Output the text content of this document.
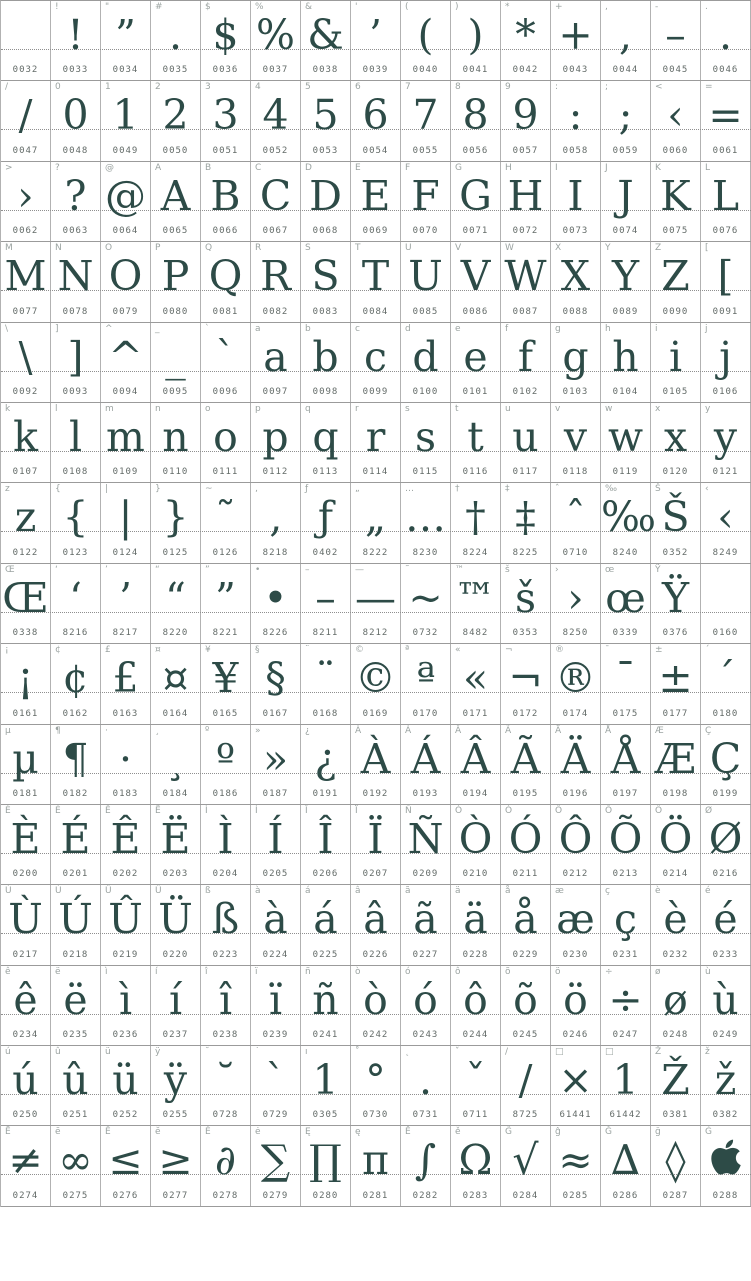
0032
!
!
0033
"
”
0034
#
.
0035
$
$
0036
%
%
0037
&
&
0038
'
’
0039
(
(
0040
)
)
0041
*
*
0042
+
+
0043
,
,
0044
-
–
0045
.
.
0046
/
/
0047
0
0
0048
1
1
0049
2
2
0050
3
3
0051
4
4
0052
5
5
0053
6
6
0054
7
7
0055
8
8
0056
9
9
0057
:
:
0058
;
;
0059
<
‹
0060
=
=
0061
>
›
0062
?
?
0063
@
@
0064
A
A
0065
B
B
0066
C
C
0067
D
D
0068
E
E
0069
F
F
0070
G
G
0071
H
H
0072
I
I
0073
J
J
0074
K
K
0075
L
L
0076
M
M
0077
N
N
0078
O
O
0079
P
P
0080
Q
Q
0081
R
R
0082
S
S
0083
T
T
0084
U
U
0085
V
V
0086
W
W
0087
X
X
0088
Y
Y
0089
Z
Z
0090
[
[
0091
\
\
0092
]
]
0093
^
^
0094
_
_
0095
`
`
0096
a
a
0097
b
b
0098
c
c
0099
d
d
0100
e
e
0101
f
f
0102
g
g
0103
h
h
0104
i
i
0105
j
j
0106
k
k
0107
l
l
0108
m
m
0109
n
n
0110
o
o
0111
p
p
0112
q
q
0113
r
r
0114
s
s
0115
t
t
0116
u
u
0117
v
v
0118
w
w
0119
x
x
0120
y
y
0121
z
z
0122
{
{
0123
|
|
0124
}
}
0125
~
˜
0126
‚
‚
8218
ƒ
ƒ
0402
„
„
8222
…
…
8230
†
†
8224
‡
‡
8225
ˆ
ˆ
0710
‰
‰
8240
Š
Š
0352
‹
‹
8249
Œ
Œ
0338
‘
‘
8216
’
’
8217
“
“
8220
”
”
8221
•
•
8226
–
–
8211
—
—
8212
˜
~
0732
™
™
8482
š
š
0353
›
›
8250
œ
œ
0339
Ÿ
Ÿ
0376	0160
¡
¡
0161
¢
¢
0162
£
£
0163
¤
¤
0164
¥
¥
0165
§
§
0167
¨
¨
0168
©
©
0169
ª
ª
0170
«
«
0171
¬
¬
0172
®
®
0174
¯
¯
0175
±
±
0177
´
´
0180
µ
µ
0181
¶
¶
0182
·
·
0183
¸
¸
0184
º
º
0186
»
»
0187
¿
¿
0191
À
À
0192
Á
Á
0193
Â
Â
0194
Ã
Ã
0195
Ä
Ä
0196
Å
Å
0197
Æ
Æ
0198
Ç
Ç
0199
È
È
0200
É
É
0201
Ê
Ê
0202
Ë
Ë
0203
Ì
Ì
0204
Í
Í
0205
Î
Î
0206
Ï
Ï
0207
Ñ
Ñ
0209
Ò
Ò
0210
Ó
Ó
0211
Ô
Ô
0212
Õ
Õ
0213
Ö
Ö
0214
Ø
Ø
0216
Ù
Ù
0217
Ú
Ú
0218
Û
Û
0219
Ü
Ü
0220
ß
ß
0223
à
à
0224
á
á
0225
â
â
0226
ã
ã
0227
ä
ä
0228
å
å
0229
æ
æ
0230
ç
ç
0231
è
è
0232
é
é
0233
ê
ê
0234
ë
ë
0235
ì
ì
0236
í
í
0237
î
î
0238
ï
ï
0239
ñ
ñ
0241
ò
ò
0242
ó
ó
0243
ô
ô
0244
õ
õ
0245
ö
ö
0246
÷
÷
0247
ø
ø
0248
ù
ù
0249
ú
ú
0250
û
û
0251
ü
ü
0252
ÿ
ÿ
0255
˘
˘
0728
˙
`
0729
ı
1
0305
˚
°
0730
˛
.
0731
ˇ
ˇ
0711
/
/
8725
□
×
61441
□
1
61442
Ž
Ž
0381
ž
ž
0382
Ē
≠
0274
ē
∞
0275
Ĕ
≤
0276
ĕ
≥
0277
Ė
∂
0278
ė
∑
0279
Ę
∏
0280
ę
π
0281
Ě
∫
0282
ě
Ω
0283
Ĝ
√
0284
ĝ
≈
0285
Ğ
∆
0286
ğ
◊
0287
Ġ
0288
